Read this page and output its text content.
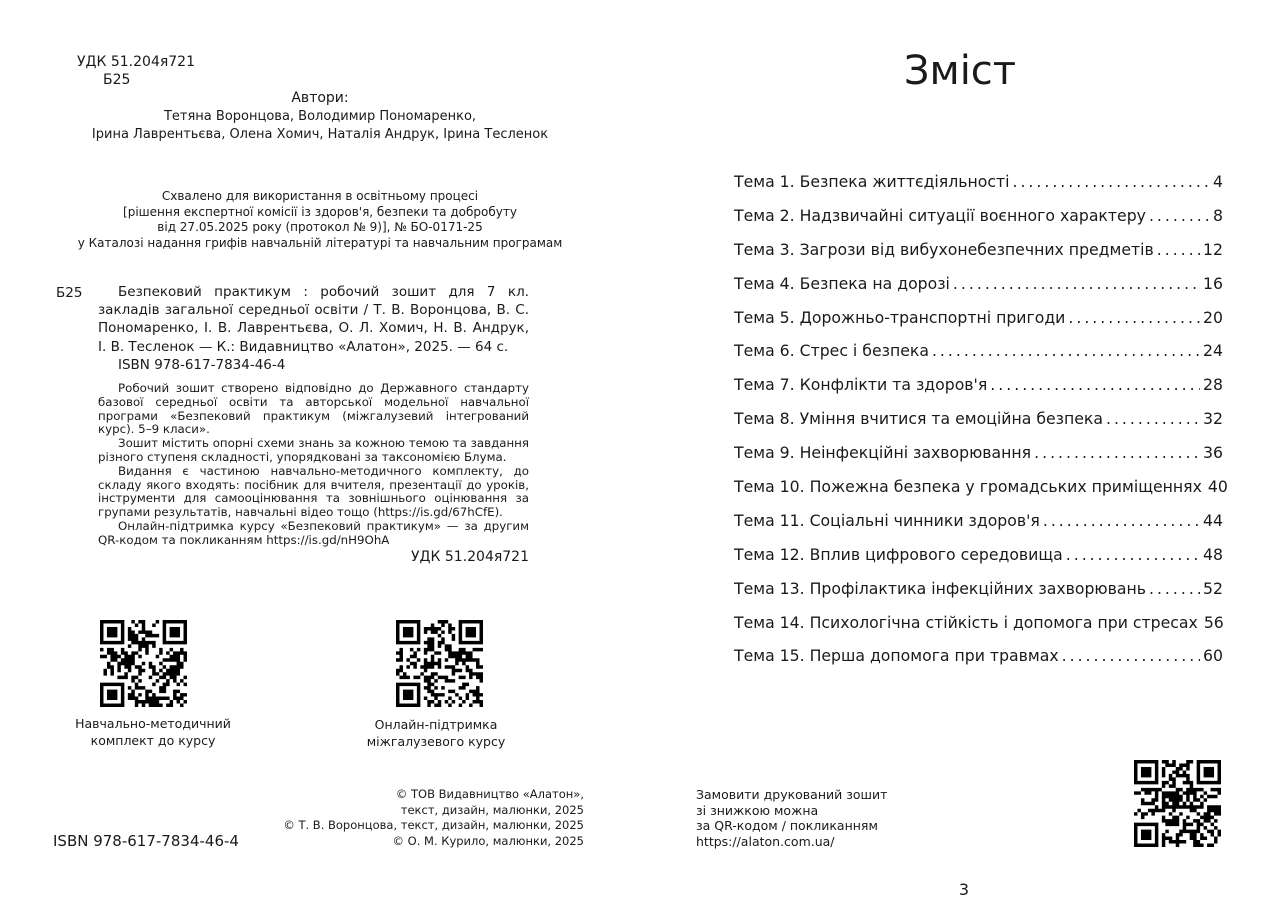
УДК 51.204я721
Б25
Автори:
Тетяна Воронцова, Володимир Пономаренко,
Ірина Лаврентьєва, Олена Хомич, Наталія Андрук, Ірина Тесленок
Схвалено для використання в освітньому процесі
[рішення експертної комісії із здоров'я, безпеки та добробуту
від 27.05.2025 року (протокол № 9)], № БО-0171-25
у Каталозі надання грифів навчальній літературі та навчальним програмам
Б25	Безпековий практикум : робочий зошит для 7 кл. закладів загальної середньої освіти / Т. В. Воронцова, В. С. Пономаренко, І. В. Лаврентьєва, О. Л. Хомич, Н. В. Андрук, І. В. Тесленок — К.: Видавництво «Алатон», 2025. — 64 с.

ISBN 978-617-7834-46-4

Робочий зошит створено відповідно до Державного стандарту базової середньої освіти та авторської модельної навчальної програми «Безпековий практикум (міжгалузевий інтегрований курс). 5–9 класи».

Зошит містить опорні схеми знань за кожною темою та завдання різного ступеня складності, упорядковані за таксономією Блума.

Видання є частиною навчально-методичного комплекту, до складу якого входять: посібник для вчителя, презентації до уроків, інструменти для самооцінювання та зовнішнього оцінювання за групами результатів, навчальні відео тощо (https://is.gd/67hCfE).

Онлайн-підтримка курсу «Безпековий практикум» — за другим QR-кодом та покликанням https://is.gd/nH9OhA

УДК 51.204я721
Навчально-методичний
комплект до курсу
Онлайн-підтримка
міжгалузевого курсу
© ТОВ Видавництво «Алатон»,
текст, дизайн, малюнки, 2025
© Т. В. Воронцова, текст, дизайн, малюнки, 2025
© О. М. Курило, малюнки, 2025
ISBN 978-617-7834-46-4
Зміст
Тема 1. Безпека життєдіяльності . . .	4
Тема 2. Надзвичайні ситуації воєнного характеру . . .	8
Тема 3. Загрози від вибухонебезпечних предметів . . .	12
Тема 4. Безпека на дорозі . . .	16
Тема 5. Дорожньо-транспортні пригоди . . .	20
Тема 6. Стрес і безпека . . .	24
Тема 7. Конфлікти та здоров'я . . .	28
Тема 8. Уміння вчитися та емоційна безпека . . .	32
Тема 9. Неінфекційні захворювання . . .	36
Тема 10. Пожежна безпека у громадських приміщеннях 40
Тема 11. Соціальні чинники здоров'я . . .	44
Тема 12. Вплив цифрового середовища . . .	48
Тема 13. Профілактика інфекційних захворювань . . .	52
Тема 14. Психологічна стійкість і допомога при стресах 56
Тема 15. Перша допомога при травмах . . .	60
Замовити друкований зошит
зі знижкою можна
за QR-кодом / покликанням
https://alaton.com.ua/
3
